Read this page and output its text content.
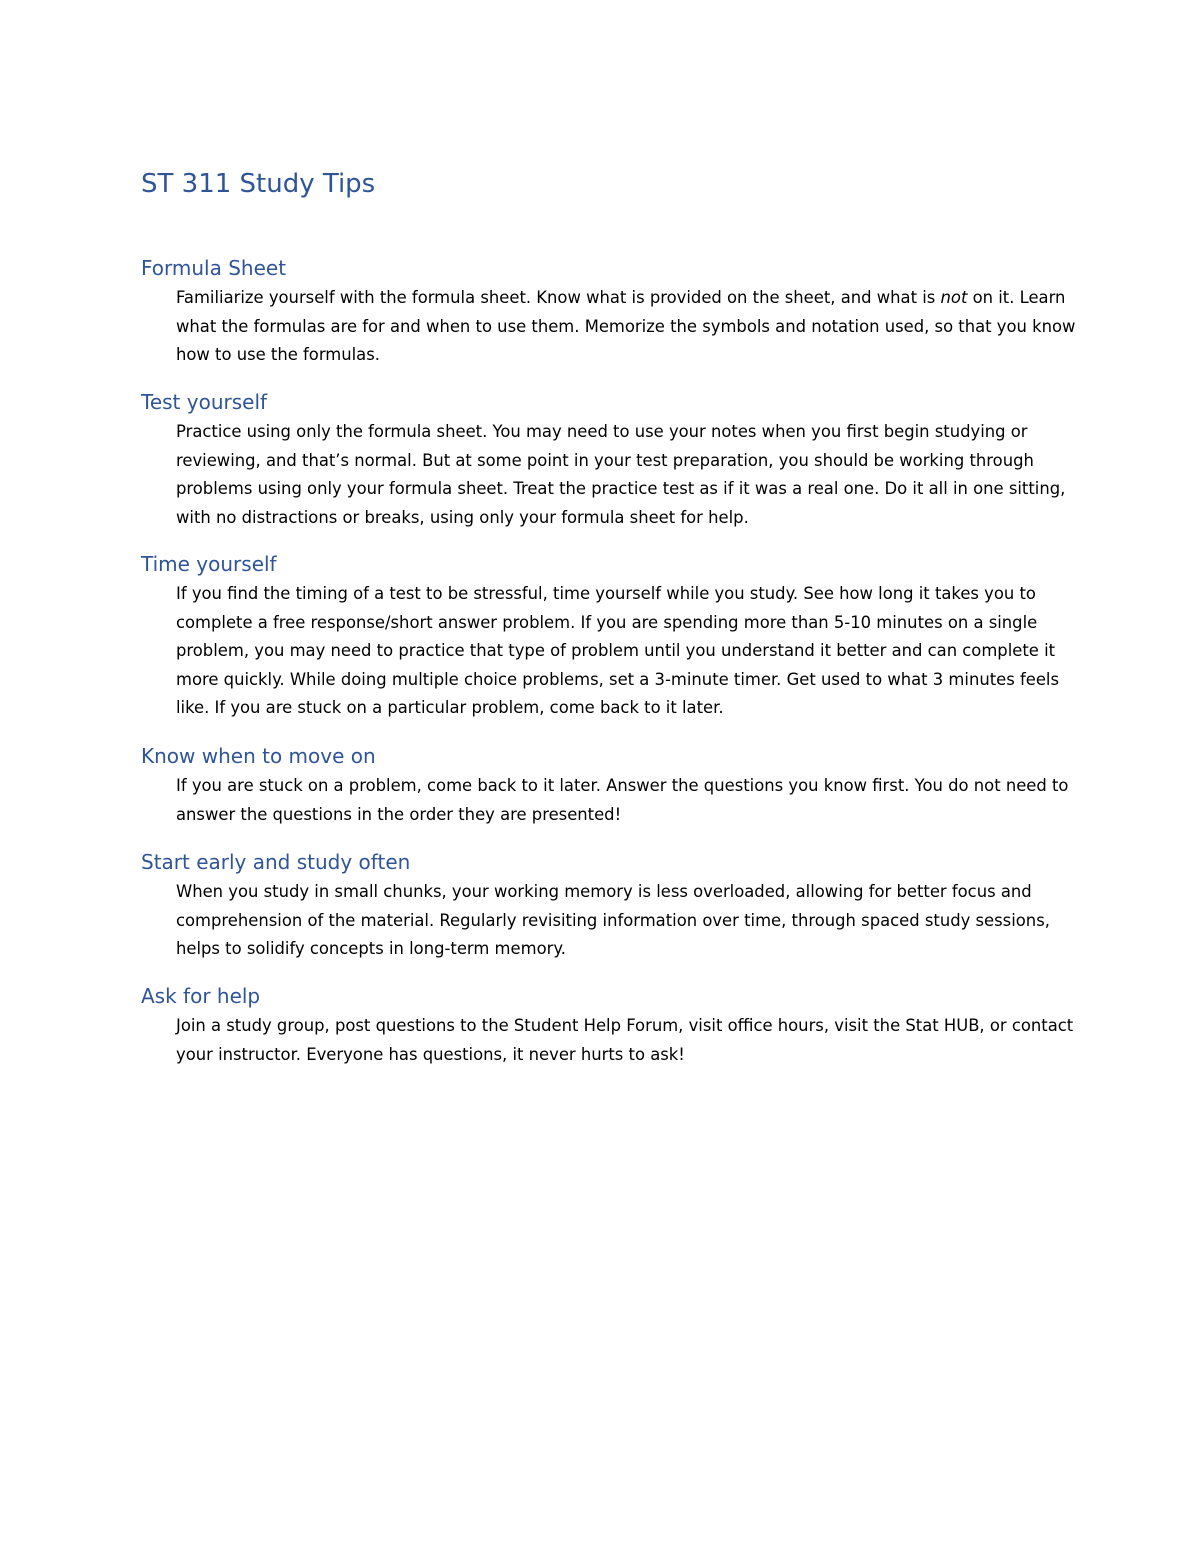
ST 311 Study Tips
Formula Sheet

Familiarize yourself with the formula sheet. Know what is provided on the sheet, and what is not on it. Learn what the formulas are for and when to use them. Memorize the symbols and notation used, so that you know how to use the formulas.

Test yourself

Practice using only the formula sheet. You may need to use your notes when you first begin studying or reviewing, and that’s normal. But at some point in your test preparation, you should be working through problems using only your formula sheet. Treat the practice test as if it was a real one. Do it all in one sitting, with no distractions or breaks, using only your formula sheet for help.

Time yourself

If you find the timing of a test to be stressful, time yourself while you study. See how long it takes you to complete a free response/short answer problem. If you are spending more than 5-10 minutes on a single problem, you may need to practice that type of problem until you understand it better and can complete it more quickly. While doing multiple choice problems, set a 3-minute timer. Get used to what 3 minutes feels like. If you are stuck on a particular problem, come back to it later.

Know when to move on

If you are stuck on a problem, come back to it later. Answer the questions you know first. You do not need to answer the questions in the order they are presented!

Start early and study often

When you study in small chunks, your working memory is less overloaded, allowing for better focus and comprehension of the material. Regularly revisiting information over time, through spaced study sessions, helps to solidify concepts in long-term memory.

Ask for help

Join a study group, post questions to the Student Help Forum, visit office hours, visit the Stat HUB, or contact your instructor. Everyone has questions, it never hurts to ask!
